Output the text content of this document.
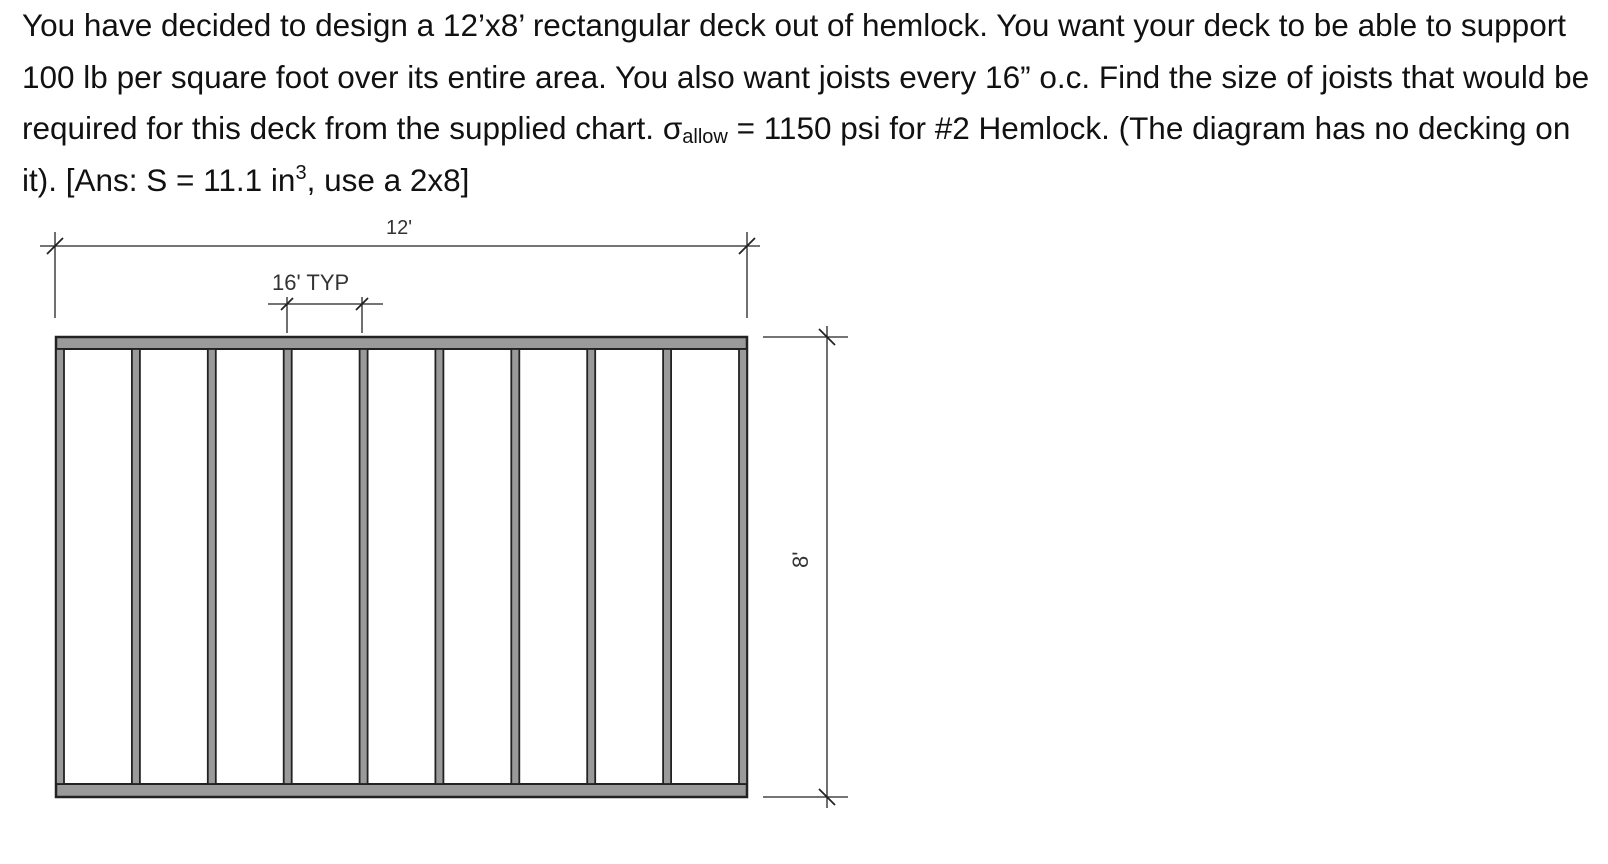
You have decided to design a 12’x8’ rectangular deck out of hemlock. You want your deck to be able to support 100 lb per square foot over its entire area. You also want joists every 16” o.c. Find the size of joists that would be required for this deck from the supplied chart. $\sigma_{allow} = 1150$ psi for #2 Hemlock. (The diagram has no decking on it). [Ans: S = 11.1 $in^3$, use a 2x8]

12'
16' TYP
8'
